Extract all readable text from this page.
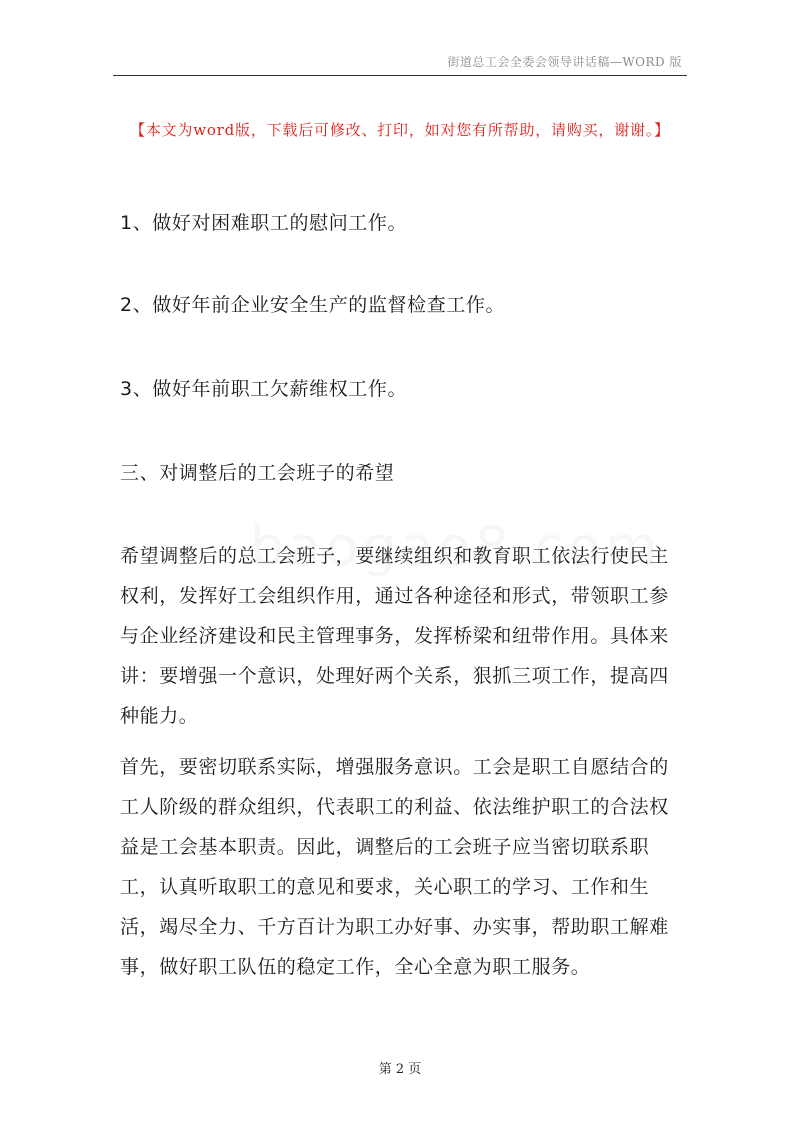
街道总工会全委会领导讲话稿—WORD 版
【本文为word版，下载后可修改、打印，如对您有所帮助，请购买，谢谢。】

1、做好对困难职工的慰问工作。

2、做好年前企业安全生产的监督检查工作。

3、做好年前职工欠薪维权工作。

三、对调整后的工会班子的希望

希望调整后的总工会班子，要继续组织和教育职工依法行使民主权利，发挥好工会组织作用，通过各种途径和形式，带领职工参与企业经济建设和民主管理事务，发挥桥梁和纽带作用。具体来讲：要增强一个意识，处理好两个关系，狠抓三项工作，提高四种能力。

首先，要密切联系实际，增强服务意识。工会是职工自愿结合的工人阶级的群众组织，代表职工的利益、依法维护职工的合法权益是工会基本职责。因此，调整后的工会班子应当密切联系职工，认真听取职工的意见和要求，关心职工的学习、工作和生活，竭尽全力、千方百计为职工办好事、办实事，帮助职工解难事，做好职工队伍的稳定工作，全心全意为职工服务。

第 2 页
